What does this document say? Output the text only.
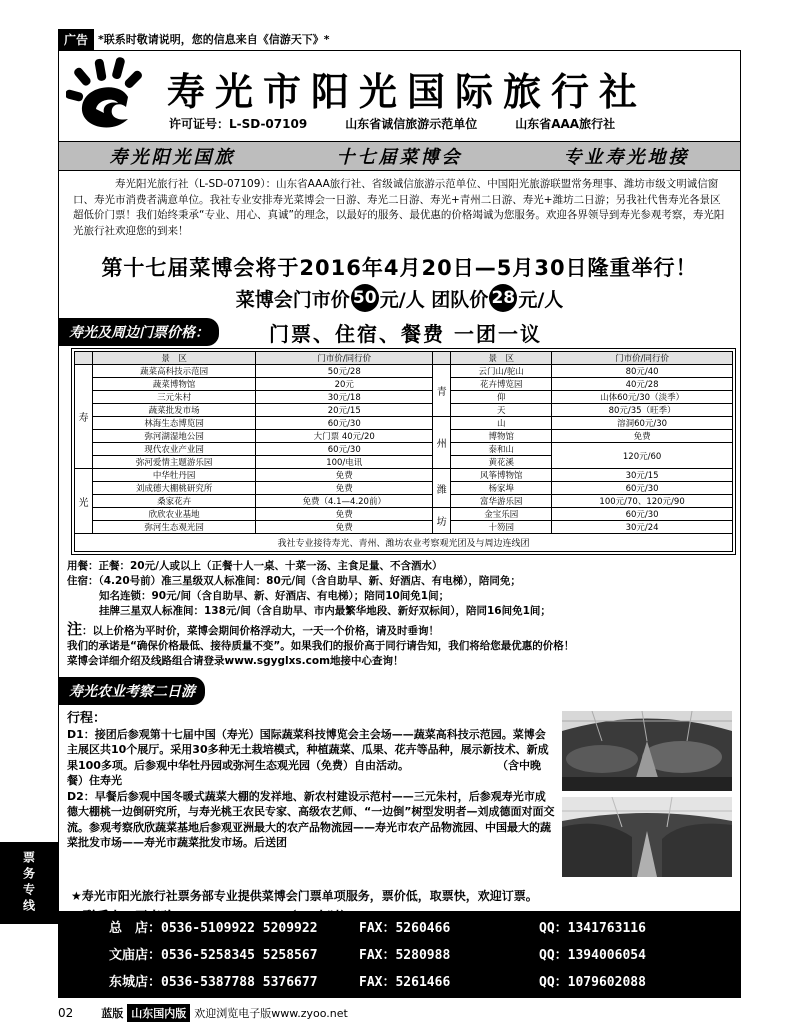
票务专线
广告 *联系时敬请说明，您的信息来自《信游天下》*
寿光市阳光国际旅行社
许可证号：L-SD-07109	山东省诚信旅游示范单位	山东省AAA旅行社
寿光阳光国旅	十七届菜博会	专业寿光地接
寿光阳光旅行社（L-SD-07109）：山东省AAA旅行社、省级诚信旅游示范单位、中国阳光旅游联盟常务理事、潍坊市级文明诚信窗口、寿光市消费者满意单位。我社专业安排寿光菜博会一日游、寿光二日游、寿光+青州二日游、寿光+潍坊二日游；另我社代售寿光各景区超低价门票！我们始终秉承“专业、用心、真诚”的理念，以最好的服务、最优惠的价格竭诚为您服务。欢迎各界领导到寿光参观考察，寿光阳光旅行社欢迎您的到来！
第十七届菜博会将于2016年4月20日—5月30日隆重举行！
菜博会门市价 50 元/人 团队价 28 元/人
寿光及周边门票价格：	门票、住宿、餐费 一团一议
	景　区	门市价/同行价		景　区	门市价/同行价
寿	蔬菜高科技示范园	50元/28	青	云门山/驼山	80元/40
	蔬菜博物馆	20元		花卉博览园	40元/28
	三元朱村	30元/18		仰	山体60元/30（淡季）
	蔬菜批发市场	20元/15		天	80元/35（旺季）
	林海生态博览园	60元/30	州	山	溶洞60元/30
	弥河湖湿地公园	大门票 40元/20		博物馆	免费
	现代农业产业园	60元/30		泰和山	120元/60
	弥河爱情主题游乐园	100/电讯		黄花溪	
光	中华牡丹园	免费	潍	风筝博物馆	30元/15
	刘成德大棚桃研究所	免费		杨家埠	60元/30
	桑家花卉	免费（4.1—4.20前）		富华游乐园	100元/70、120元/90
	欣欣农业基地	免费	坊	金宝乐园	60元/30
	弥河生态观光园	免费		十笏园	30元/24
我社专业接待寿光、青州、潍坊农业考察观光团及与周边连线团
用餐：正餐：20元/人或以上（正餐十人一桌、十菜一汤、主食足量、不含酒水）
住宿：（4.20号前）准三星级双人标准间：80元/间（含自助早、新、好酒店、有电梯），陪同免；
知名连锁：90元/间（含自助早、新、好酒店、有电梯）；陪同10间免1间；
挂牌三星双人标准间：138元/间（含自助早、市内最繁华地段、新好双标间），陪同16间免1间；
注：以上价格为平时价，菜博会期间价格浮动大，一天一个价格，请及时垂询！
我们的承诺是“确保价格最低、接待质量不变”。如果我们的报价高于同行请告知，我们将给您最优惠的价格！
菜博会详细介绍及线路组合请登录www.sgyglxs.com地接中心查询！
寿光农业考察二日游
行程：
D1：接团后参观第十七届中国（寿光）国际蔬菜科技博览会主会场——蔬菜高科技示范园。菜博会主展区共10个展厅。采用30多种无土栽培模式，种植蔬菜、瓜果、花卉等品种，展示新技术、新成果100多项。后参观中华牡丹园或弥河生态观光园（免费）自由活动。　　　　　　　　　（含中晚餐）住寿光
D2：早餐后参观中国冬暖式蔬菜大棚的发祥地、新农村建设示范村——三元朱村，后参观寿光市成德大棚桃一边倒研究所，与寿光桃王农民专家、高级农艺师、“一边倒”树型发明者—刘成德面对面交流。参观考察欣欣蔬菜基地后参观亚洲最大的农产品物流园——寿光市农产品物流园、中国最大的蔬菜批发市场——寿光市蔬菜批发市场。后送团
★寿光市阳光旅行社票务部专业提供菜博会门票单项服务，票价低，取票快，欢迎订票。
总　店：0536-5109922 5209922	FAX：5260466	QQ：1341763116
文庙店：0536-5258345 5258567	FAX：5280988	QQ：1394006054
东城店：0536-5387788 5376677	FAX：5261466	QQ：1079602088
02	蓝版 山东国内版 欢迎浏览电子版www.zyoo.net
